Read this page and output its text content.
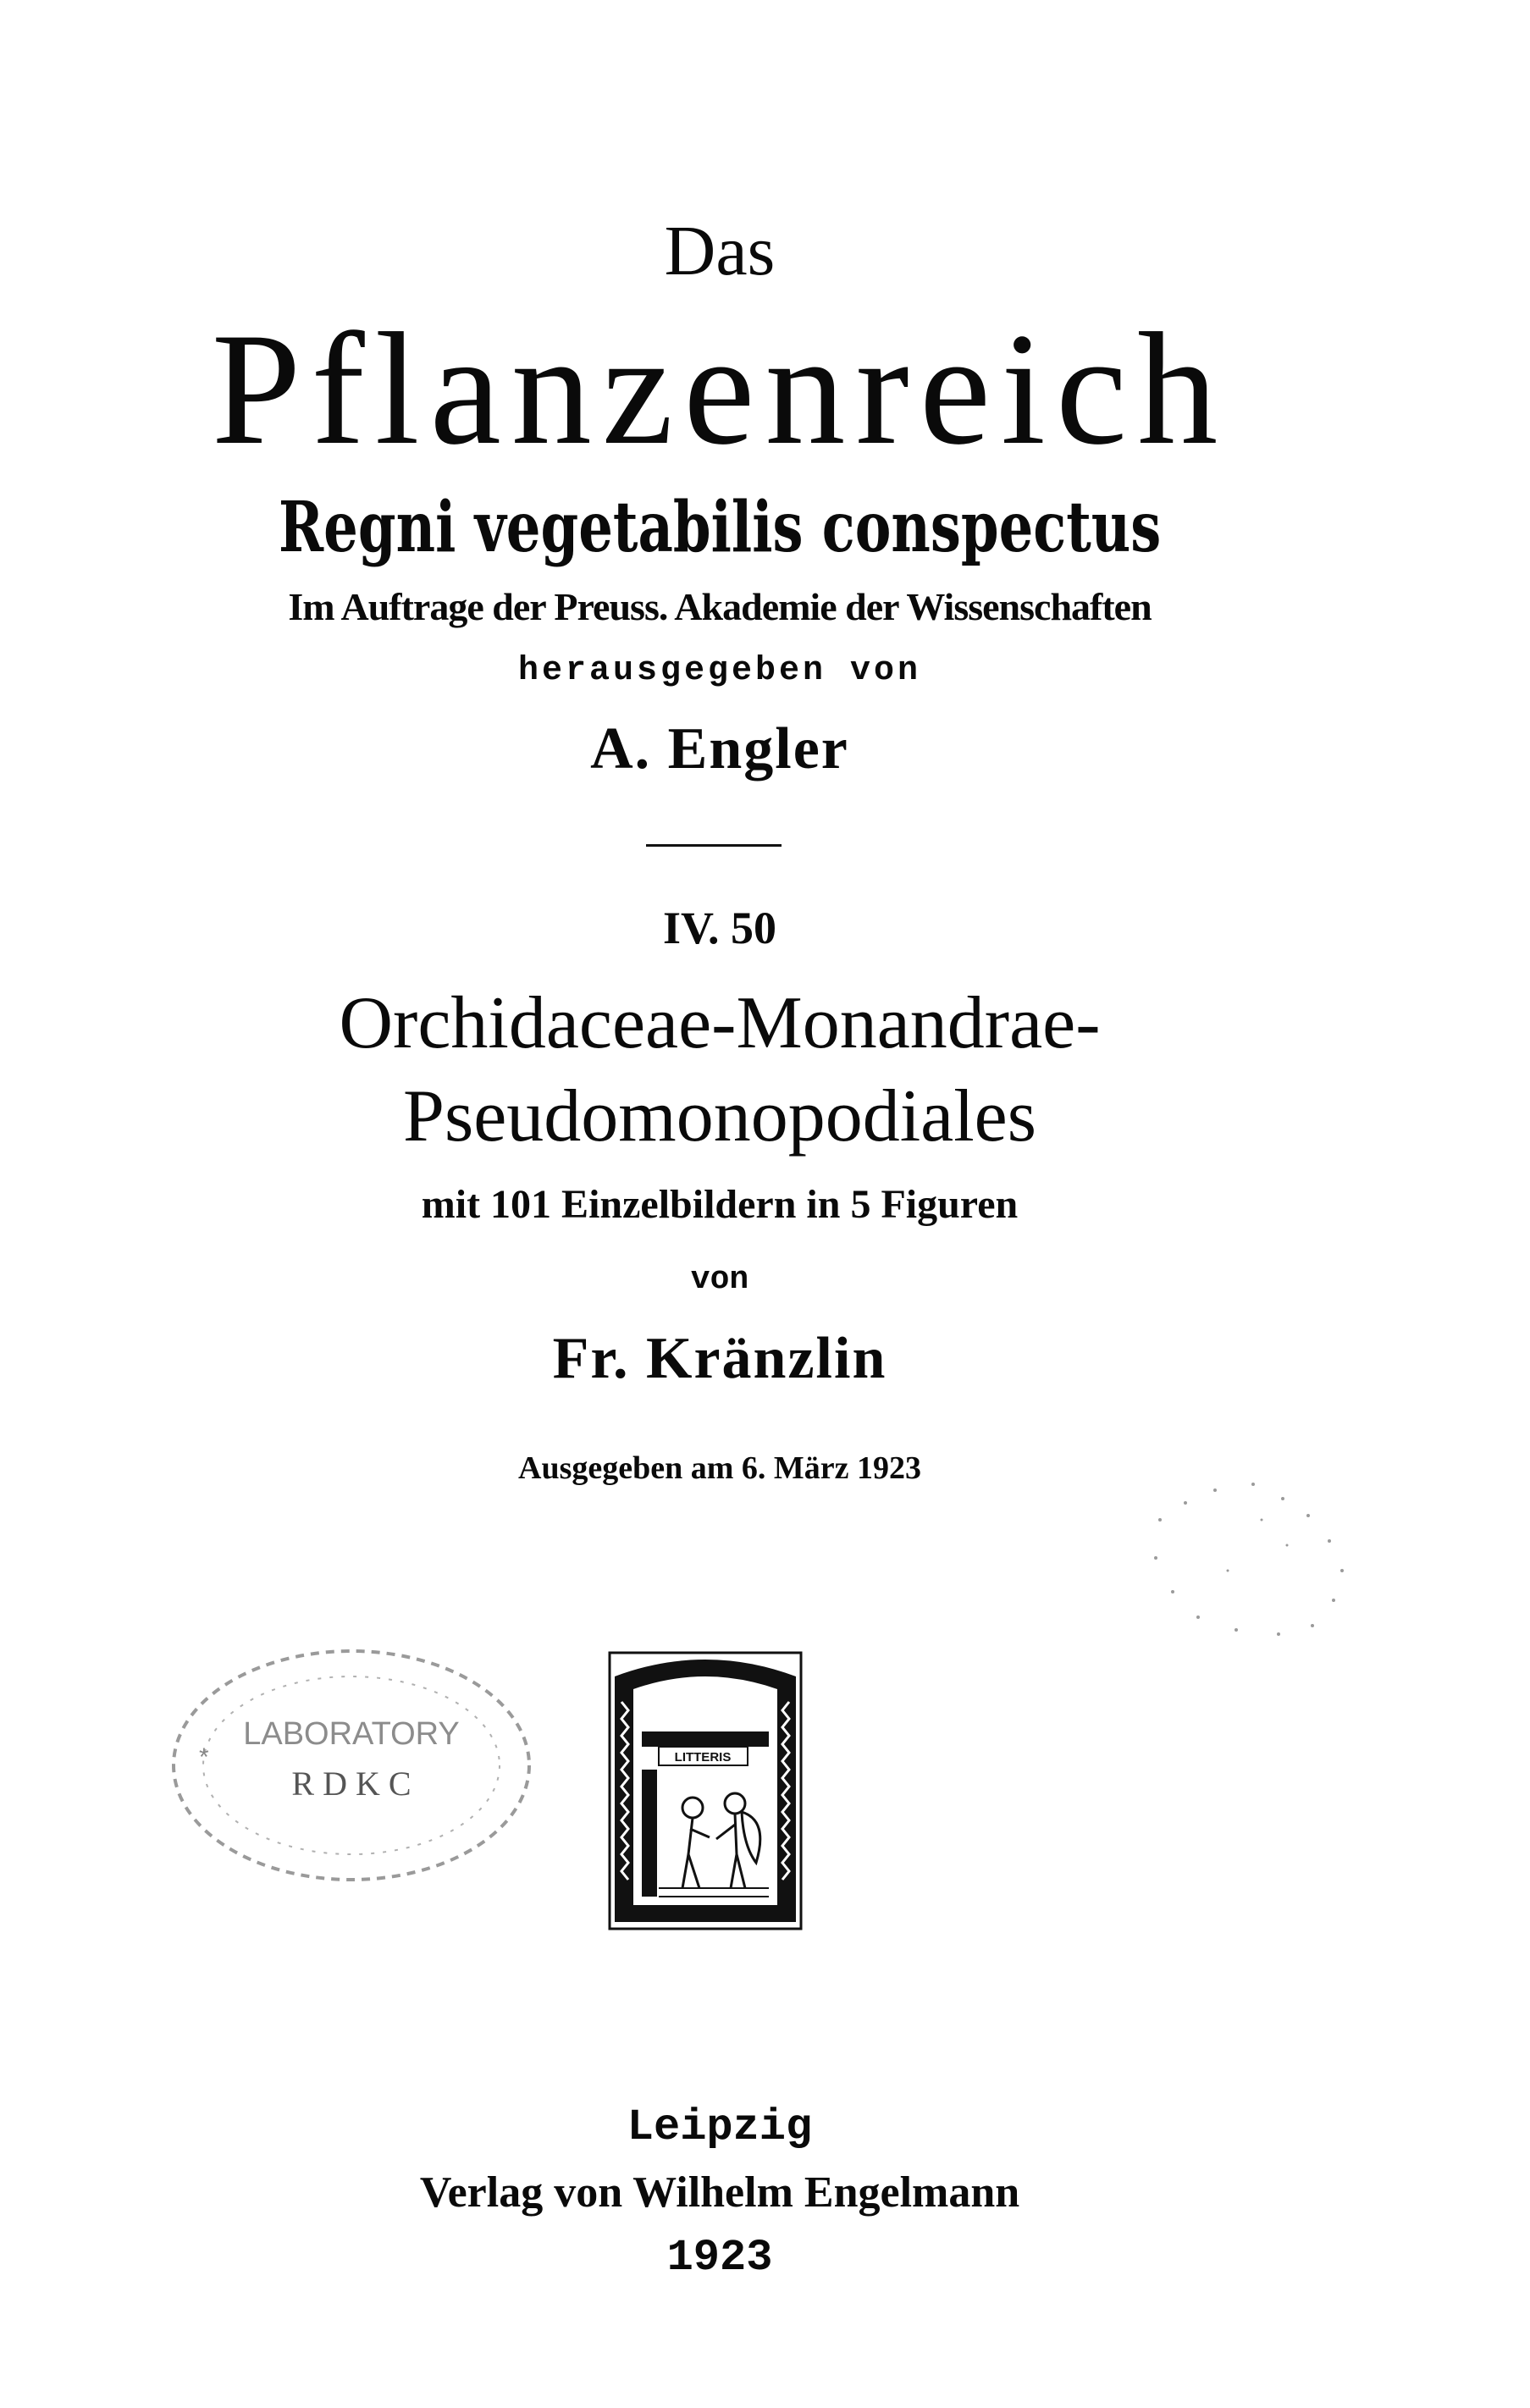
Das
Pflanzenreich
Regni vegetabilis conspectus
Im Auftrage der Preuss. Akademie der Wissenschaften
herausgegeben von
A. Engler
IV. 50
Orchidaceae-Monandrae-
Pseudomonopodiales
mit 101 Einzelbildern in 5 Figuren
von
Fr. Kränzlin
Ausgegeben am 6. März 1923
LABORATORY
R D K C
*	LITTERIS
Leipzig
Verlag von Wilhelm Engelmann
1923
